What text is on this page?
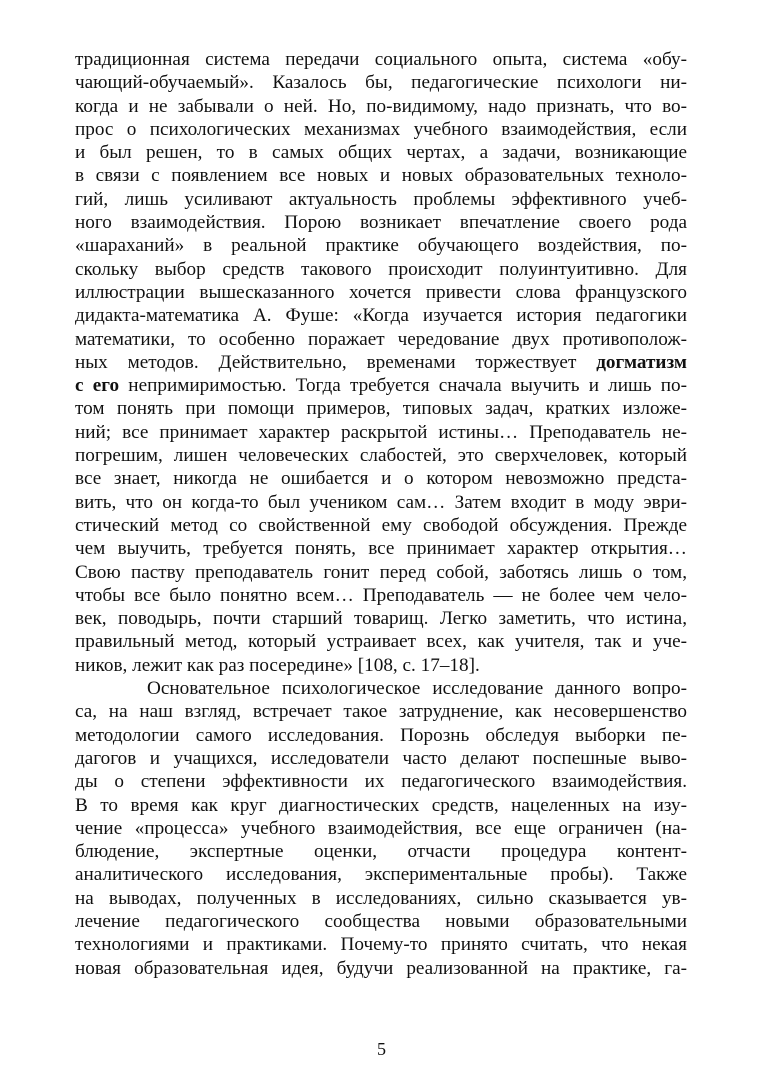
традиционная система передачи социального опыта, система «обу-
чающий-обучаемый». Казалось бы, педагогические психологи ни-
когда и не забывали о ней. Но, по-видимому, надо признать, что во-
прос о психологических механизмах учебного взаимодействия, если
и был решен, то в самых общих чертах, а задачи, возникающие
в связи с появлением все новых и новых образовательных техноло-
гий, лишь усиливают актуальность проблемы эффективного учеб-
ного взаимодействия. Порою возникает впечатление своего рода
«шараханий» в реальной практике обучающего воздействия, по-
скольку выбор средств такового происходит полуинтуитивно. Для
иллюстрации вышесказанного хочется привести слова французского
дидакта-математика А. Фуше: «Когда изучается история педагогики
математики, то особенно поражает чередование двух противополож-
ных методов. Действительно, временами торжествует догматизм
с его непримиримостью. Тогда требуется сначала выучить и лишь по-
том понять при помощи примеров, типовых задач, кратких изложе-
ний; все принимает характер раскрытой истины… Преподаватель не-
погрешим, лишен человеческих слабостей, это сверхчеловек, который
все знает, никогда не ошибается и о котором невозможно предста-
вить, что он когда-то был учеником сам… Затем входит в моду эври-
стический метод со свойственной ему свободой обсуждения. Прежде
чем выучить, требуется понять, все принимает характер открытия…
Свою паству преподаватель гонит перед собой, заботясь лишь о том,
чтобы все было понятно всем… Преподаватель — не более чем чело-
век, поводырь, почти старший товарищ. Легко заметить, что истина,
правильный метод, который устраивает всех, как учителя, так и уче-
ников, лежит как раз посередине» [108, с. 17–18].
Основательное психологическое исследование данного вопро-
са, на наш взгляд, встречает такое затруднение, как несовершенство
методологии самого исследования. Порознь обследуя выборки пе-
дагогов и учащихся, исследователи часто делают поспешные выво-
ды о степени эффективности их педагогического взаимодействия.
В то время как круг диагностических средств, нацеленных на изу-
чение «процесса» учебного взаимодействия, все еще ограничен (на-
блюдение, экспертные оценки, отчасти процедура контент-
аналитического исследования, экспериментальные пробы). Также
на выводах, полученных в исследованиях, сильно сказывается ув-
лечение педагогического сообщества новыми образовательными
технологиями и практиками. Почему-то принято считать, что некая
новая образовательная идея, будучи реализованной на практике, га-
5
